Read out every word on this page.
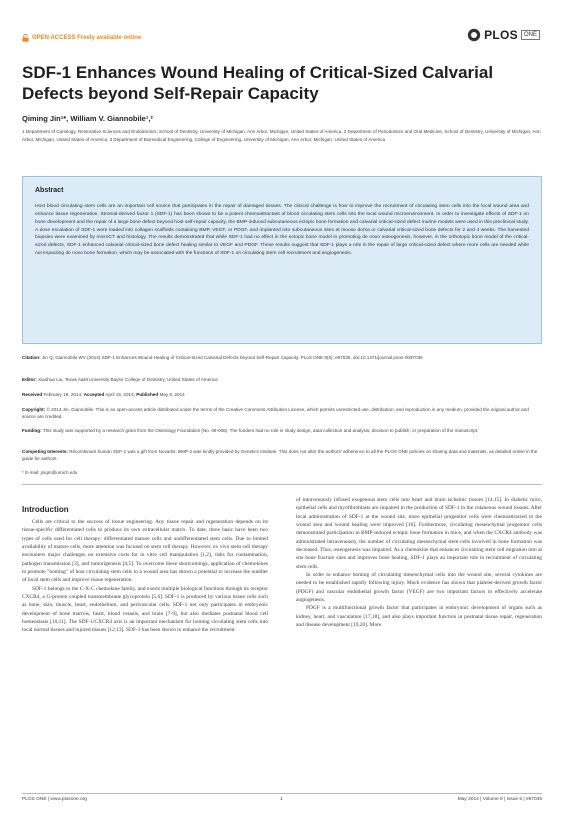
OPEN ACCESS Freely available online	PLOS	ONE
SDF-1 Enhances Wound Healing of Critical-Sized Calvarial Defects beyond Self-Repair Capacity
Qiming Jin¹*, William V. Giannobile¹,²
1 Department of Cariology, Restorative Sciences and Endodontics, School of Dentistry, University of Michigan, Ann Arbor, Michigan, United States of America, 2 Department of Periodontics and Oral Medicine, School of Dentistry, University of Michigan, Ann Arbor, Michigan, United States of America, 3 Department of Biomedical Engineering, College of Engineering, University of Michigan, Ann Arbor, Michigan, United States of America
Abstract
Host blood circulating stem cells are an important cell source that participates in the repair of damaged tissues. The clinical challenge is how to improve the recruitment of circulating stem cells into the local wound area and enhance tissue regeneration. Stromal-derived factor 1 (SDF-1) has been shown to be a potent chemoattractant of blood circulating stem cells into the local wound microenvironment. In order to investigate effects of SDF-1 on bone development and the repair of a large bone defect beyond host self-repair capacity, the BMP-induced subcutaneous ectopic bone formation and calvarial critical-sized defect murine models were used in this preclinical study. A dose escalation of SDF-1 were loaded into collagen scaffolds containing BMP, VEGF, or PDGF, and implanted into subcutaneous sites at mouse dorsa or calvarial critical-sized bone defects for 2 and 4 weeks. The harvested biopsies were examined by microCT and histology. The results demonstrated that while SDF-1 had no effect in the ectopic bone model in promoting de novo osteogenesis, however, in the orthotopic bone model of the critical-sized defects, SDF-1 enhanced calvarial critical-sized bone defect healing similar to VEGF and PDGF. These results suggest that SDF-1 plays a role in the repair of large critical-sized defect where more cells are needed while not impacting de novo bone formation, which may be associated with the functions of SDF-1 on circulating stem cell recruitment and angiogenesis.
Citation: Jin Q, Giannobile WV (2014) SDF-1 Enhances Wound Healing of Critical-Sized Calvarial Defects beyond Self-Repair Capacity. PLoS ONE 9(5): e97035. doi:10.1371/journal.pone.0097035
Editor: Xiaohua Liu, Texas A&M University Baylor College of Dentistry, United States of America
Received February 18, 2014; Accepted April 15, 2014; Published May 9, 2014
Copyright: © 2014 Jin, Giannobile. This is an open-access article distributed under the terms of the Creative Commons Attribution License, which permits unrestricted use, distribution, and reproduction in any medium, provided the original author and source are credited.
Funding: This study was supported by a research grant from the Osteology Foundation (No. 09-008). The funders had no role in study design, data collection and analysis, decision to publish, or preparation of the manuscript.
Competing Interests: Recombinant human SDF-1 was a gift from Novartis; BMP-2 was kindly provided by Genetics Institute. This does not alter the authors' adherence to all the PLOS ONE policies on sharing data and materials, as detailed online in the guide for authors.
* E-mail: jinqm@umich.edu
Introduction

Cells are critical to the success of tissue engineering. Any tissue repair and regeneration depends on its tissue-specific differentiated cells to produce its own extracellular matrix. To date, three basic have been two types of cells used for cell therapy: differentiated mature cells and undifferentiated stem cells. Due to limited availability of mature cells, more attention was focused on stem cell therapy. However, ex vivo stem cell therapy encounters major challenges on extensive costs for in vitro cell manipulation [1,2], risks for contamination, pathogen transmission [3], and tumorigenesis [4,5]. To overcome these shortcomings, application of chemokines to promote "homing" of host circulating stem cells to a wound area has shown a potential to increase the number of local stem cells and improve tissue regeneration.

SDF-1 belongs to the C-X-C chemokine family, and exerts multiple biological functions through its receptor CXCR4, a G-protein coupled transmembrane glycoprotein [5,6]. SDF-1 is produced by various tissue cells such as bone, skin, muscle, heart, endothelium, and perivascular cells. SDF-1 not only participates in embryonic development of bone marrow, heart, blood vessels, and brain [7-9], but also mediates postnatal blood cell homeostasis [10,11]. The SDF-1/CXCR4 axis is an important mechanism for homing circulating stem cells into local normal tissues and injured tissues [12,13]. SDF-1 has been shown to enhance the recruitment

of intravenously infused exogenous stem cells into heart and brain ischemic tissues [14,15]. In diabetic mice, epithelial cells and myofibroblasts are impaired in the production of SDF-1 in the cutaneous wound tissues. After local administration of SDF-1 at the wound site, more epithelial progenitor cells were chemoattracted to the wound area and wound healing were improved [16]. Furthermore, circulating mesenchymal progenitor cells demonstrated participation in BMP-induced ectopic bone formation in mice, and when the CXCR4 antibody was administrated intravenously, the number of circulating mesenchymal stem cells involved in bone formation was decreased. Thus, osteogenesis was impaired. As a chemokine that enhances circulating stem cell migration into at site bone fracture sites and improves bone healing, SDF-1 plays an important role in recruitment of circulating stem cells.

In order to enhance homing of circulating mesenchymal cells into the wound site, several cytokines are needed to be established rapidly following injury. Much evidence has shown that platelet-derived growth factor (PDGF) and vascular endothelial growth factor (VEGF) are two important factors to effectively accelerate angiogenesis.

PDGF is a multifunctional growth factor that participates in embryonic development of organs such as kidney, heart, and vasculature [17,18], and also plays important function in postnatal tissue repair, regeneration and disease development [19,20]. More

PLOS ONE | www.plosone.org	1	May 2014 | Volume 9 | Issue 5 | e97035
